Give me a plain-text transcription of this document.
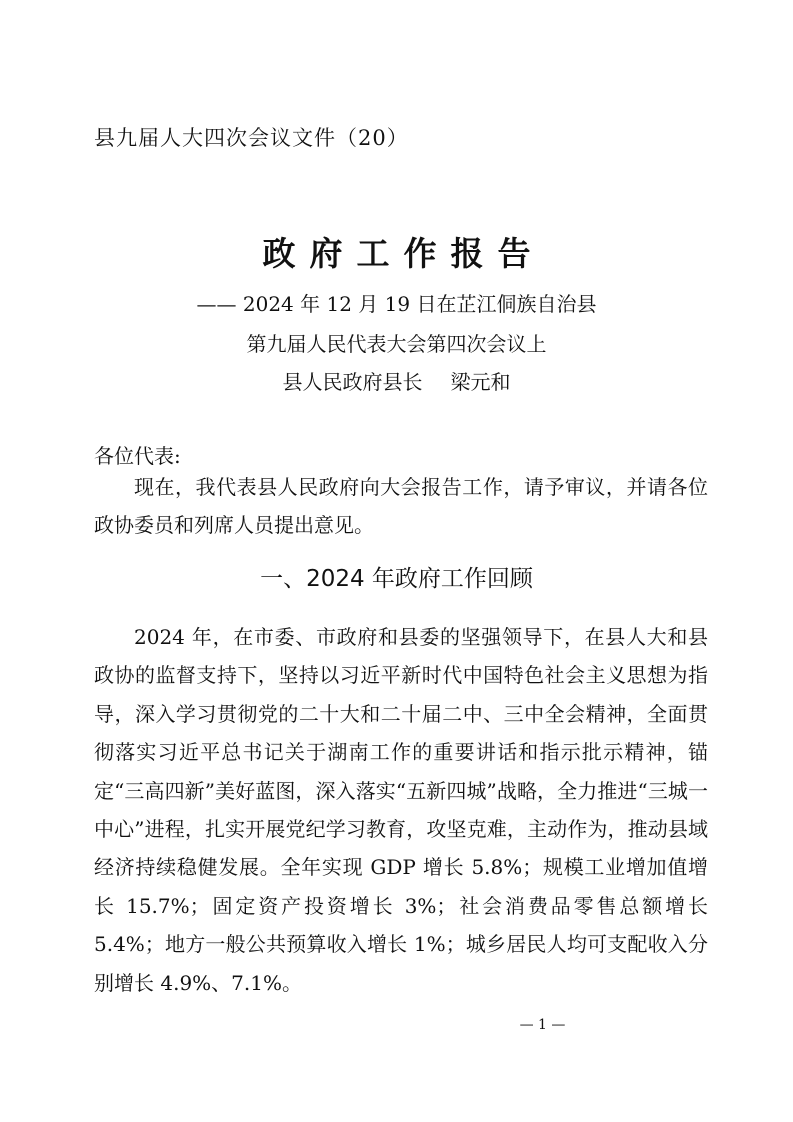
县九届人大四次会议文件（20）
政府工作报告
—— 2024 年 12 月 19 日在芷江侗族自治县
第九届人民代表大会第四次会议上
县人民政府县长 梁元和
各位代表:
现在，我代表县人民政府向大会报告工作，请予审议，并请各位政协委员和列席人员提出意见。
一、2024 年政府工作回顾
2024 年，在市委、市政府和县委的坚强领导下，在县人大和县政协的监督支持下，坚持以习近平新时代中国特色社会主义思想为指导，深入学习贯彻党的二十大和二十届二中、三中全会精神，全面贯彻落实习近平总书记关于湖南工作的重要讲话和指示批示精神，锚定“三高四新”美好蓝图，深入落实“五新四城”战略，全力推进“三城一中心”进程，扎实开展党纪学习教育，攻坚克难，主动作为，推动县域经济持续稳健发展。全年实现 GDP 增长 5.8%；规模工业增加值增长 15.7%；固定资产投资增长 3%；社会消费品零售总额增长 5.4%；地方一般公共预算收入增长 1%；城乡居民人均可支配收入分别增长 4.9%、7.1%。
— 1 —
